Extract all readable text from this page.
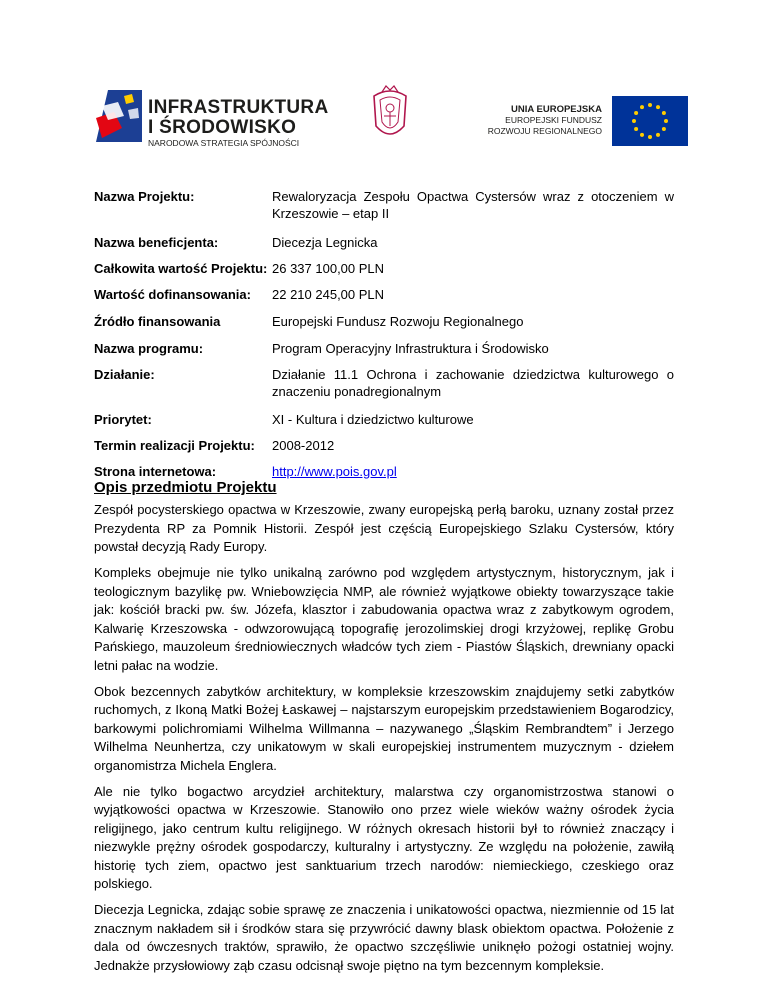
INFRASTRUKTURA
I ŚRODOWISKO
NARODOWA STRATEGIA SPÓJNOŚCI
UNIA EUROPEJSKA
EUROPEJSKI FUNDUSZ
ROZWOJU REGIONALNEGO
Nazwa Projektu:	Rewaloryzacja Zespołu Opactwa Cystersów wraz z otoczeniem w Krzeszowie – etap II
Nazwa beneficjenta:	Diecezja Legnicka
Całkowita wartość Projektu:	26 337 100,00 PLN
Wartość dofinansowania:	22 210 245,00 PLN
Źródło finansowania	Europejski Fundusz Rozwoju Regionalnego
Nazwa programu:	Program Operacyjny Infrastruktura i Środowisko
Działanie:	Działanie 11.1 Ochrona i zachowanie dziedzictwa kulturowego o znaczeniu ponadregionalnym
Priorytet:	XI - Kultura i dziedzictwo kulturowe
Termin realizacji Projektu:	2008-2012
Strona internetowa:	http://www.pois.gov.pl
Opis przedmiotu Projektu

Zespół pocysterskiego opactwa w Krzeszowie, zwany europejską perłą baroku, uznany został przez Prezydenta RP za Pomnik Historii. Zespół jest częścią Europejskiego Szlaku Cystersów, który powstał decyzją Rady Europy.

Kompleks obejmuje nie tylko unikalną zarówno pod względem artystycznym, historycznym, jak i teologicznym bazylikę pw. Wniebowzięcia NMP, ale również wyjątkowe obiekty towarzyszące takie jak: kościół bracki pw. św. Józefa, klasztor i zabudowania opactwa wraz z zabytkowym ogrodem, Kalwarię Krzeszowska - odwzorowującą topografię jerozolimskiej drogi krzyżowej, replikę Grobu Pańskiego, mauzoleum średniowiecznych władców tych ziem - Piastów Śląskich, drewniany opacki letni pałac na wodzie.

Obok bezcennych zabytków architektury, w kompleksie krzeszowskim znajdujemy setki zabytków ruchomych, z Ikoną Matki Bożej Łaskawej – najstarszym europejskim przedstawieniem Bogarodzicy, barkowymi polichromiami Wilhelma Willmanna – nazywanego „Śląskim Rembrandtem” i Jerzego Wilhelma Neunhertza, czy unikatowym w skali europejskiej instrumentem muzycznym - dziełem organomistrza Michela Englera.

Ale nie tylko bogactwo arcydzieł architektury, malarstwa czy organomistrzostwa stanowi o wyjątkowości opactwa w Krzeszowie. Stanowiło ono przez wiele wieków ważny ośrodek życia religijnego, jako centrum kultu religijnego. W różnych okresach historii był to również znaczący i niezwykle prężny ośrodek gospodarczy, kulturalny i artystyczny. Ze względu na położenie, zawiłą historię tych ziem, opactwo jest sanktuarium trzech narodów: niemieckiego, czeskiego oraz polskiego.

Diecezja Legnicka, zdając sobie sprawę ze znaczenia i unikatowości opactwa, niezmiennie od 15 lat znacznym nakładem sił i środków stara się przywrócić dawny blask obiektom opactwa. Położenie z dala od ówczesnych traktów, sprawiło, że opactwo szczęśliwie uniknęło pożogi ostatniej wojny. Jednakże przysłowiowy ząb czasu odcisnął swoje piętno na tym bezcennym kompleksie.
